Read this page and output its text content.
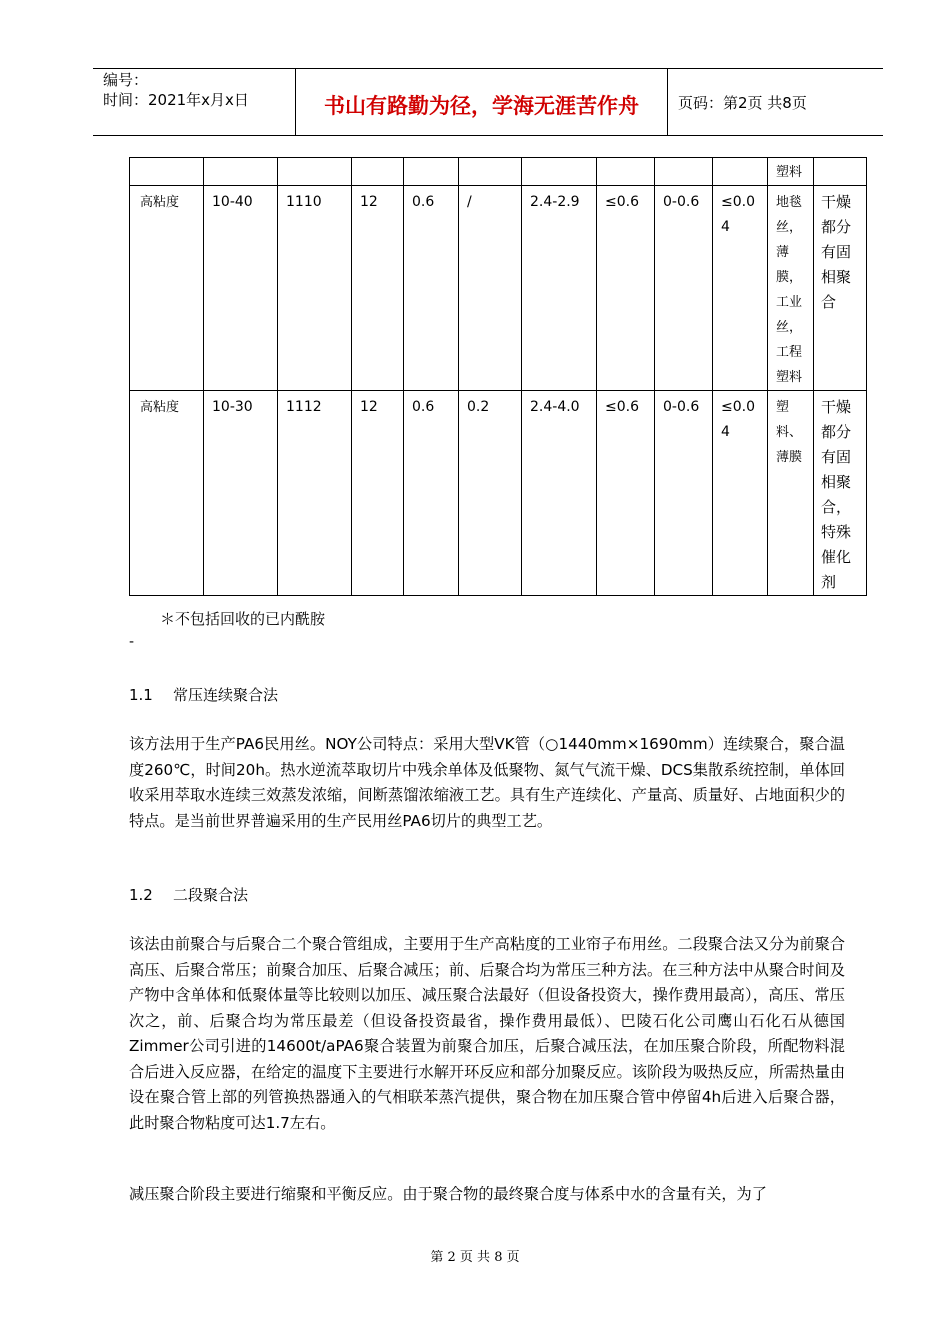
编号：
时间：2021年x月x日	书山有路勤为径，学海无涯苦作舟	页码：第2页 共8页
										塑料	
高粘度	10-40	1110	12	0.6	/	2.4-2.9	≤0.6	0-0.6	≤0.04	地毯丝，薄膜，工业丝，工程塑料	干燥都分有固相聚合
高粘度	10-30	1112	12	0.6	0.2	2.4-4.0	≤0.6	0-0.6	≤0.04	塑料、薄膜	干燥都分有固相聚合，特殊催化剂
＊不包括回收的已内酰胺
-
1.1 常压连续聚合法
该方法用于生产PA6民用丝。NOY公司特点：采用大型VK管（○1440mm×1690mm）连续聚合，聚合温度260℃，时间20h。热水逆流萃取切片中残余单体及低聚物、氮气气流干燥、DCS集散系统控制，单体回收采用萃取水连续三效蒸发浓缩，间断蒸馏浓缩液工艺。具有生产连续化、产量高、质量好、占地面积少的特点。是当前世界普遍采用的生产民用丝PA6切片的典型工艺。
1.2 二段聚合法
该法由前聚合与后聚合二个聚合管组成，主要用于生产高粘度的工业帘子布用丝。二段聚合法又分为前聚合高压、后聚合常压；前聚合加压、后聚合减压；前、后聚合均为常压三种方法。在三种方法中从聚合时间及产物中含单体和低聚体量等比较则以加压、减压聚合法最好（但设备投资大，操作费用最高），高压、常压次之，前、后聚合均为常压最差（但设备投资最省，操作费用最低）、巴陵石化公司鹰山石化石从德国Zimmer公司引进的14600t/aPA6聚合装置为前聚合加压，后聚合减压法，在加压聚合阶段，所配物料混合后进入反应器，在给定的温度下主要进行水解开环反应和部分加聚反应。该阶段为吸热反应，所需热量由设在聚合管上部的列管换热器通入的气相联苯蒸汽提供，聚合物在加压聚合管中停留4h后进入后聚合器，此时聚合物粘度可达1.7左右。
减压聚合阶段主要进行缩聚和平衡反应。由于聚合物的最终聚合度与体系中水的含量有关，为了
第 2 页 共 8 页
